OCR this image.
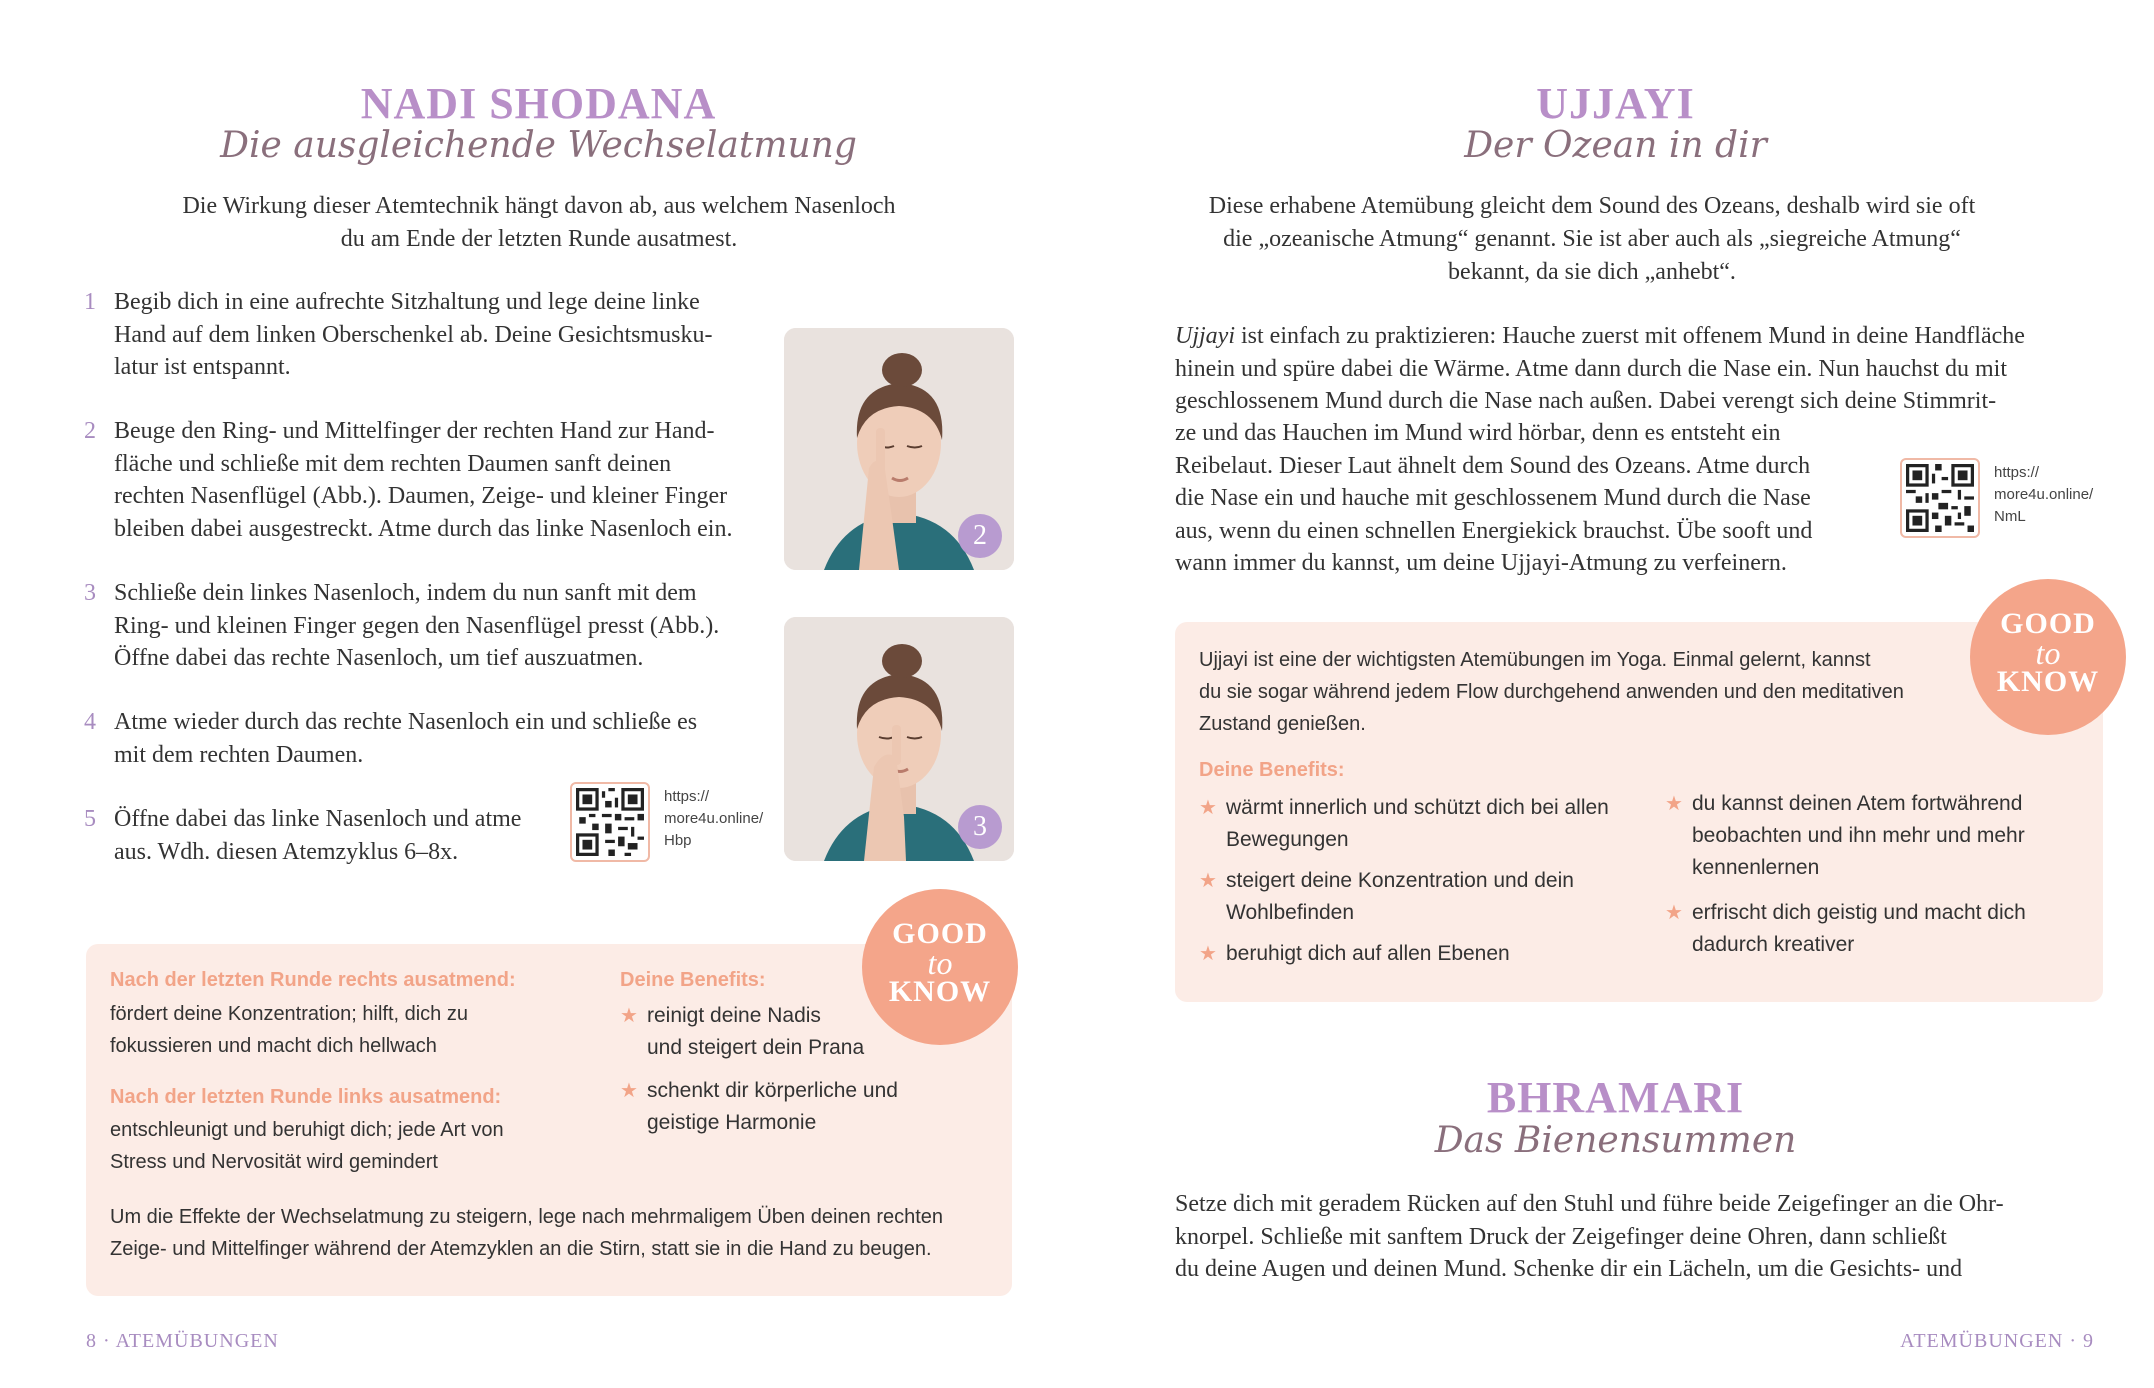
NADI SHODANA
Die ausgleichende Wechselatmung
Die Wirkung dieser Atemtechnik hängt davon ab, aus welchem Nasenloch
du am Ende der letzten Runde ausatmest.
1 Begib dich in eine aufrechte Sitzhaltung und lege deine linke
Hand auf dem linken Oberschenkel ab. Deine Gesichtsmusku-
latur ist entspannt.
2 Beuge den Ring- und Mittelfinger der rechten Hand zur Hand-
fläche und schließe mit dem rechten Daumen sanft deinen
rechten Nasenflügel (Abb.). Daumen, Zeige- und kleiner Finger
bleiben dabei ausgestreckt. Atme durch das linke Nasenloch ein.
3 Schließe dein linkes Nasenloch, indem du nun sanft mit dem
Ring- und kleinen Finger gegen den Nasenflügel presst (Abb.).
Öffne dabei das rechte Nasenloch, um tief auszuatmen.
4 Atme wieder durch das rechte Nasenloch ein und schließe es
mit dem rechten Daumen.
5 Öffne dabei das linke Nasenloch und atme
aus. Wdh. diesen Atemzyklus 6–8x.
https://
more4u.online/
Hbp
2
3
Nach der letzten Runde rechts ausatmend:
fördert deine Konzentration; hilft, dich zu
fokussieren und macht dich hellwach
Nach der letzten Runde links ausatmend:
entschleunigt und beruhigt dich; jede Art von
Stress und Nervosität wird gemindert
Deine Benefits:
★ reinigt deine Nadis
und steigert dein Prana
★ schenkt dir körperliche und
geistige Harmonie
Um die Effekte der Wechselatmung zu steigern, lege nach mehrmaligem Üben deinen rechten
Zeige- und Mittelfinger während der Atemzyklen an die Stirn, statt sie in die Hand zu beugen.
GOOD
to
KNOW
8 · ATEMÜBUNGEN
UJJAYI
Der Ozean in dir
Diese erhabene Atemübung gleicht dem Sound des Ozeans, deshalb wird sie oft
die „ozeanische Atmung“ genannt. Sie ist aber auch als „siegreiche Atmung“
bekannt, da sie dich „anhebt“.
Ujjayi ist einfach zu praktizieren: Hauche zuerst mit offenem Mund in deine Handfläche
hinein und spüre dabei die Wärme. Atme dann durch die Nase ein. Nun hauchst du mit
geschlossenem Mund durch die Nase nach außen. Dabei verengt sich deine Stimmrit-
ze und das Hauchen im Mund wird hörbar, denn es entsteht ein
Reibelaut. Dieser Laut ähnelt dem Sound des Ozeans. Atme durch
die Nase ein und hauche mit geschlossenem Mund durch die Nase
aus, wenn du einen schnellen Energiekick brauchst. Übe sooft und
wann immer du kannst, um deine Ujjayi-Atmung zu verfeinern.
https://
more4u.online/
NmL
Ujjayi ist eine der wichtigsten Atemübungen im Yoga. Einmal gelernt, kannst
du sie sogar während jedem Flow durchgehend anwenden und den meditativen
Zustand genießen.
Deine Benefits:
★ wärmt innerlich und schützt dich bei allen
Bewegungen
★ steigert deine Konzentration und dein
Wohlbefinden
★ beruhigt dich auf allen Ebenen
★ du kannst deinen Atem fortwährend
beobachten und ihn mehr und mehr
kennenlernen
★ erfrischt dich geistig und macht dich
dadurch kreativer
GOOD
to
KNOW
BHRAMARI
Das Bienensummen
Setze dich mit geradem Rücken auf den Stuhl und führe beide Zeigefinger an die Ohr-
knorpel. Schließe mit sanftem Druck der Zeigefinger deine Ohren, dann schließt
du deine Augen und deinen Mund. Schenke dir ein Lächeln, um die Gesichts- und
ATEMÜBUNGEN · 9
